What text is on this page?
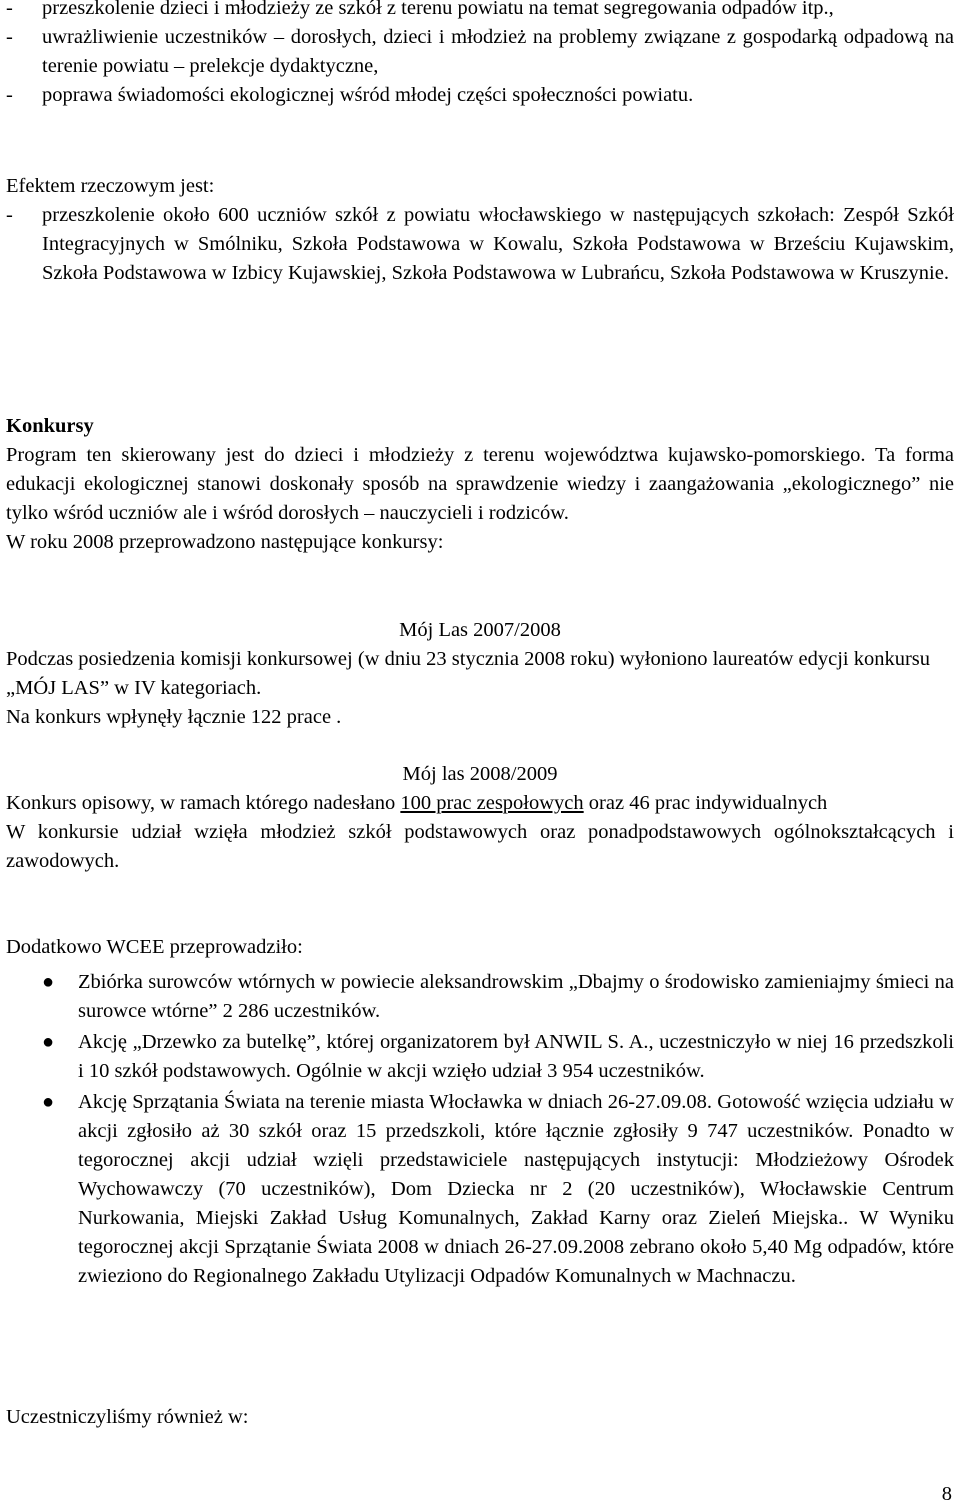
- przeszkolenie dzieci i młodzieży ze szkół z terenu powiatu na temat segregowania odpadów itp.,
- uwrażliwienie uczestników – dorosłych, dzieci i młodzież na problemy związane z gospodarką odpadową na terenie powiatu – prelekcje dydaktyczne,
- poprawa świadomości ekologicznej wśród młodej części społeczności powiatu.

Efektem rzeczowym jest:

- przeszkolenie około 600 uczniów szkół z powiatu włocławskiego w następujących szkołach: Zespół Szkół Integracyjnych w Smólniku, Szkoła Podstawowa w Kowalu, Szkoła Podstawowa w Brześciu Kujawskim, Szkoła Podstawowa w Izbicy Kujawskiej, Szkoła Podstawowa w Lubrańcu, Szkoła Podstawowa w Kruszynie.

Konkursy

Program ten skierowany jest do dzieci i młodzieży z terenu województwa kujawsko-pomorskiego. Ta forma edukacji ekologicznej stanowi doskonały sposób na sprawdzenie wiedzy i zaangażowania „ekologicznego” nie tylko wśród uczniów ale i wśród dorosłych – nauczycieli i rodziców.

W roku 2008 przeprowadzono następujące konkursy:

Mój Las 2007/2008

Podczas posiedzenia komisji konkursowej (w dniu 23 stycznia 2008 roku) wyłoniono laureatów edycji konkursu „MÓJ LAS” w IV kategoriach.

Na konkurs wpłynęły łącznie 122 prace .

Mój las 2008/2009

Konkurs opisowy, w ramach którego nadesłano 100 prac zespołowych oraz 46 prac indywidualnych

W konkursie udział wzięła młodzież szkół podstawowych oraz ponadpodstawowych ogólnokształcących i zawodowych.

Dodatkowo WCEE przeprowadziło:

● Zbiórka surowców wtórnych w powiecie aleksandrowskim „Dbajmy o środowisko zamieniajmy śmieci na surowce wtórne” 2 286 uczestników.
● Akcję „Drzewko za butelkę”, której organizatorem był ANWIL S. A., uczestniczyło w niej 16 przedszkoli i 10 szkół podstawowych. Ogólnie w akcji wzięło udział 3 954 uczestników.
● Akcję Sprzątania Świata na terenie miasta Włocławka w dniach 26-27.09.08. Gotowość wzięcia udziału w akcji zgłosiło aż 30 szkół oraz 15 przedszkoli, które łącznie zgłosiły 9 747 uczestników. Ponadto w tegorocznej akcji udział wzięli przedstawiciele następujących instytucji: Młodzieżowy Ośrodek Wychowawczy (70 uczestników), Dom Dziecka nr 2 (20 uczestników), Włocławskie Centrum Nurkowania, Miejski Zakład Usług Komunalnych, Zakład Karny oraz Zieleń Miejska.. W Wyniku tegorocznej akcji Sprzątanie Świata 2008 w dniach 26-27.09.2008 zebrano około 5,40 Mg odpadów, które zwieziono do Regionalnego Zakładu Utylizacji Odpadów Komunalnych w Machnaczu.

Uczestniczyliśmy również w:

8
